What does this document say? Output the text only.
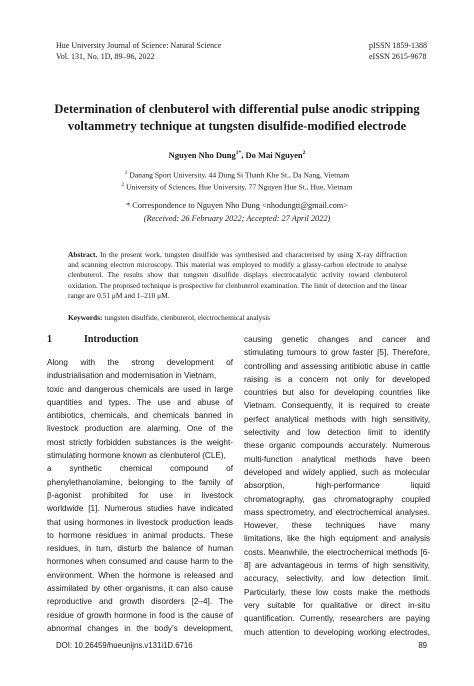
Hue University Journal of Science: Natural Science
Vol. 131, No. 1D, 89–96, 2022
pISSN 1859-1388
eISSN 2615-9678
Determination of clenbuterol with differential pulse anodic stripping
voltammetry technique at tungsten disulfide-modified electrode
Nguyen Nho Dung$^{1*}$, Do Mai Nguyen$^2$
$^1$ Danang Sport University, 44 Dung Si Thanh Khe St., Da Nang, Vietnam
$^2$ University of Sciences, Hue University, 77 Nguyen Hue St., Hue, Vietnam
* Correspondence to Nguyen Nho Dung <nhodungtt@gmail.com>
(Received: 26 February 2022; Accepted: 27 April 2022)
Abstract. In the present work, tungsten disulfide was synthesised and characterised by using X-ray diffraction and scanning electron microscopy. This material was employed to modify a glassy-carbon electrode to analyse clenbuterol. The results show that tungsten disulfide displays electrocatalytic activity toward clenbuterol oxidation. The proposed technique is prospective for clenbuterol examination. The limit of detection and the linear range are 0.51 μM and 1–210 μM.
Keywords: tungsten disulfide, clenbuterol, electrochemical analysis
1	Introduction
Along with the strong development of
industrialisation and modernisation in Vietnam,
toxic and dangerous chemicals are used in large
quantities and types. The use and abuse of
antibiotics, chemicals, and chemicals banned in
livestock production are alarming. One of the
most strictly forbidden substances is the weight-
stimulating hormone known as clenbuterol (CLE),
a synthetic chemical compound of
phenylethanolamine, belonging to the family of
β-agonist prohibited for use in livestock
worldwide [1]. Numerous studies have indicated
that using hormones in livestock production leads
to hormone residues in animal products. These
residues, in turn, disturb the balance of human
hormones when consumed and cause harm to the
environment. When the hormone is released and
assimilated by other organisms, it can also cause
reproductive and growth disorders [2–4]. The
residue of growth hormone in food is the cause of
abnormal changes in the body’s development,
causing genetic changes and cancer and
stimulating tumours to grow faster [5]. Therefore,
controlling and assessing antibiotic abuse in cattle
raising is a concern not only for developed
countries but also for developing countries like
Vietnam. Consequently, it is required to create
perfect analytical methods with high sensitivity,
selectivity and low detection limit to identify
these organic compounds accurately. Numerous
multi-function analytical methods have been
developed and widely applied, such as molecular
absorption, high-performance liquid
chromatography, gas chromatography coupled
mass spectrometry, and electrochemical analyses.
However, these techniques have many
limitations, like the high equipment and analysis
costs. Meanwhile, the electrochemical methods [6-
8] are advantageous in terms of high sensitivity,
accuracy, selectivity, and low detection limit.
Particularly, these low costs make the methods
very suitable for qualitative or direct in-situ
quantification. Currently, researchers are paying
much attention to developing working electrodes,
DOI: 10.26459/hueunijns.v131i1D.6716	89
